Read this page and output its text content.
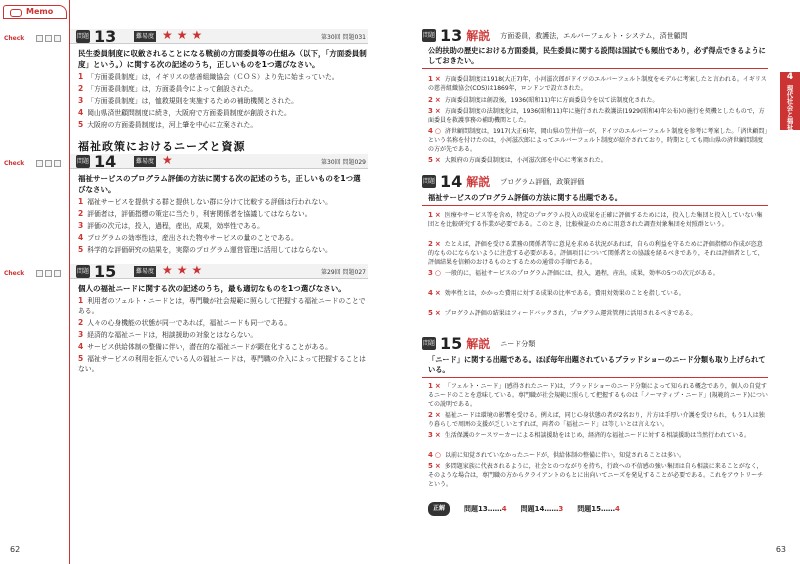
Memo
Check	問題 13	難易度 ★★★	第30回 問題031
民生委員制度に収斂されることになる戦前の方面委員等の仕組み（以下，「方面委員制度」という。）に関する次の記述のうち，正しいものを1つ選びなさい。
1 「方面委員制度」は，イギリスの慈善組織協会（ＣＯＳ）より先に始まっていた。
2 「方面委員制度」は，方面委員令によって創設された。
3 「方面委員制度」は，恤救規則を実施するための補助機関とされた。
4 岡山県済世顧問制度に続き，大阪府で方面委員制度が創設された。
5 大阪府の方面委員制度は，河上肇を中心に立案された。
福祉政策におけるニーズと資源
Check	問題 14	難易度 ★	第30回 問題029
福祉サービスのプログラム評価の方法に関する次の記述のうち，正しいものを1つ選びなさい。
1 福祉サービスを提供する群と提供しない群に分けて比較する評価は行われない。
2 評価者は，評価指標の策定に当たり，利害関係者を協議してはならない。
3 評価の次元は，投入，過程，産出，成果，効率性である。
4 プログラムの効率性は，産出された物やサービスの量のことである。
5 科学的な評価研究の結果を，実際のプログラム運営管理に活用してはならない。
Check	問題 15	難易度 ★★★	第29回 問題027
個人の福祉ニードに関する次の記述のうち，最も適切なものを1つ選びなさい。
1 利用者のフェルト・ニードとは，専門職が社会規範に照らして把握する福祉ニードのことである。
2 人々の心身機能の状態が同一であれば，福祉ニードも同一である。
3 経済的な福祉ニードは，相談援助の対象とはならない。
4 サービス供給体制の整備に伴い，潜在的な福祉ニードが顕在化することがある。
5 福祉サービスの利用を拒んでいる人の福祉ニードは，専門職の介入によって把握することはない。
62
4
現代社会と福祉
問題 13 解説 方面委員，救護法，エルバーフェルト・システム，済世顧問
公的扶助の歴史における方面委員，民生委員に関する設問は国試でも頻出であり，必ず得点できるようにしておきたい。
1 × 方面委員制度は1918(大正7)年，小河滋次郎がドイツのエルバーフェルト制度をモデルに考案したと言われる。イギリスの慈善組織協会(COS)は1869年，ロンドンで設立された。
2 × 方面委員制度は創設後，1936(昭和11)年に方面委員令を以て法制度化された。
3 × 方面委員制度の法制度化は，1936(昭和11)年に施行された救護法(1929(昭和4)年公布)の施行を契機としたもので，方面委員を救護事務の補助機関とした。
4 ○ 済世顧問制度は，1917(大正6)年，岡山県の笠井信一が，ドイツのエルバーフェルト制度を参考に考案した。「済世顧問」という名称を付けたのは，小河滋次郎によってエルバーフェルト制度が紹介されており，時期としても岡山県の済世顧問制度の方が先である。
5 × 大阪府の方面委員制度は，小河滋次郎を中心に考案された。
問題 14 解説 プログラム評価，政策評価
福祉サービスのプログラム評価の方法に関する出題である。
1 × 医療やサービス等を含め，特定のプログラム投入の成果を正確に評価するためには，投入した集団と投入していない集団とを比較研究する作業が必要である。このとき，比較検証のために用意された調査対象集団を対照群という。
2 × たとえば，評価を受ける業務の関係者等に意見を求める状況があれば，自らの利益を守るために評価指標の作成が恣意的なものにならないように注意する必要がある。評価項目について関係者との協議を経るべきであり，それは評価者として，評価結果を信頼のおけるものとするための通常の手順である。
3 ○ 一般的に，福祉サービスのプログラム評価には，投入，過程，産出，成果，効率の5つの次元がある。
4 × 効率性とは，かかった費用に対する成果の比率である。費用対効果のことを指している。
5 × プログラム評価の結果はフィードバックされ，プログラム運営管理に活用されるべきである。
問題 15 解説 ニード分類
「ニード」に関する出題である。ほぼ毎年出題されているブラッドショーのニード分類も取り上げられている。
1 × 「フェルト・ニード」(感得されたニード)は，ブラッドショーのニード分類によって知られる概念であり，個人の自覚するニードのことを意味している。専門職が社会規範に照らして把握するものは「ノーマティブ・ニード」(規範的ニード)についての説明である。
2 × 福祉ニードは環境の影響を受ける。例えば，同じ心身状態の者が2名おり，片方は手厚い介護を受けられ，もう1人は独り暮らしで周囲の支援が乏しいとすれば，両者の「福祉ニード」は等しいとは言えない。
3 × 生活保護のケースワーカーによる相談援助をはじめ，経済的な福祉ニードに対する相談援助は当然行われている。
4 ○ 以前に知覚されていなかったニードが，供給体制の整備に伴い，知覚されることは多い。
5 × 多問題家族に代表されるように，社会とのつながりを持ち，行政への不信感の強い集団は自ら相談に来ることがなく，そのような場合は，専門職の方からクライアントのもとに出向いてニーズを発見することが必要である。これをアウトリーチという。
正解	問題13……4 問題14……3 問題15……4
63
